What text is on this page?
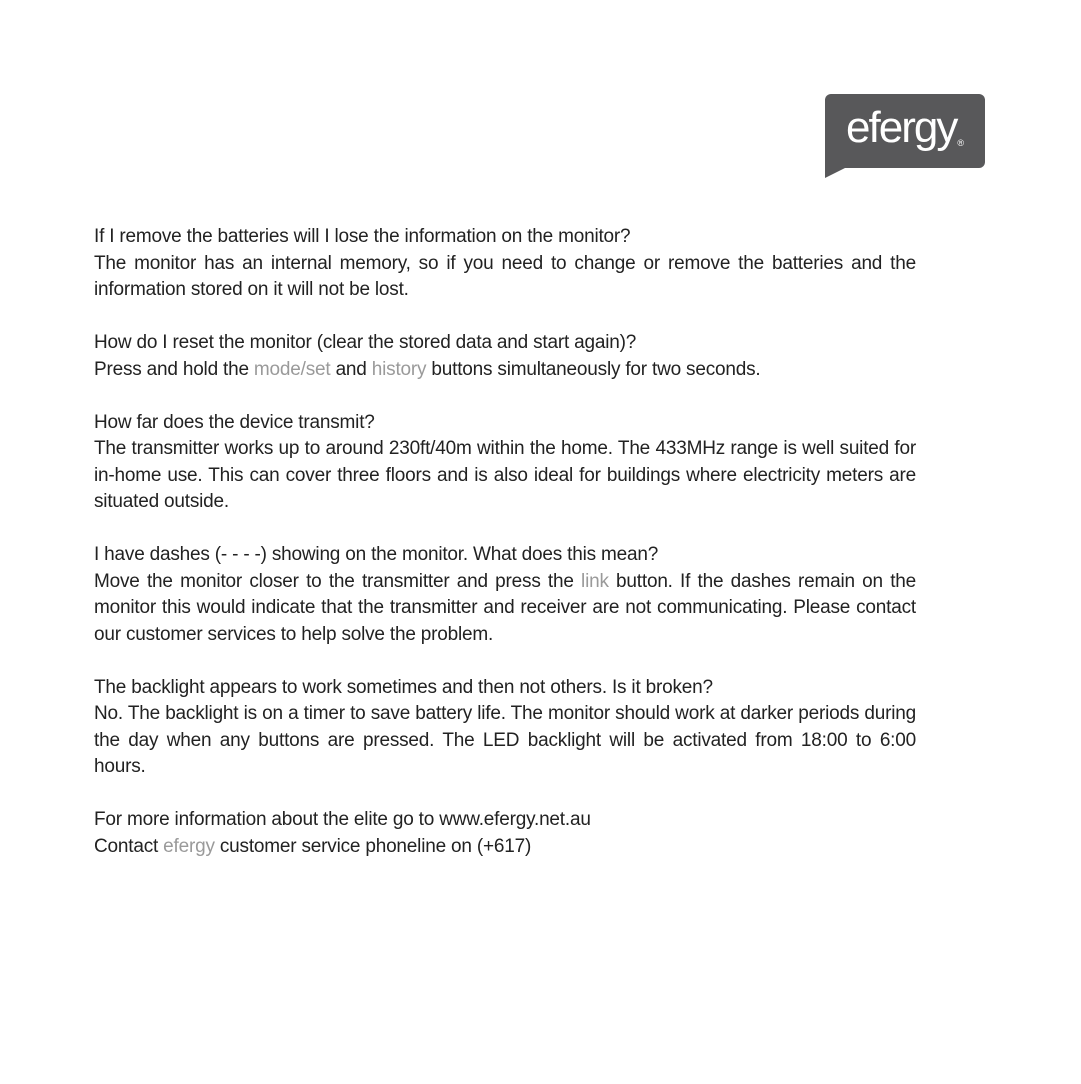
efergy ®

If I remove the batteries will I lose the information on the monitor?

The monitor has an internal memory, so if you need to change or remove the batteries and the information stored on it will not be lost.

How do I reset the monitor (clear the stored data and start again)?

Press and hold the mode/set and history buttons simultaneously for two seconds.

How far does the device transmit?

The transmitter works up to around 230ft/40m within the home. The 433MHz range is well suited for in-home use. This can cover three floors and is also ideal for buildings where electricity meters are situated outside.

I have dashes (- - - -) showing on the monitor. What does this mean?

Move the monitor closer to the transmitter and press the link button. If the dashes remain on the monitor this would indicate that the transmitter and receiver are not communicating. Please contact our customer services to help solve the problem.

The backlight appears to work sometimes and then not others. Is it broken?

No. The backlight is on a timer to save battery life. The monitor should work at darker periods during the day when any buttons are pressed. The LED backlight will be activated from 18:00 to 6:00 hours.

For more information about the elite go to www.efergy.net.au

Contact efergy customer service phoneline on (+617)
